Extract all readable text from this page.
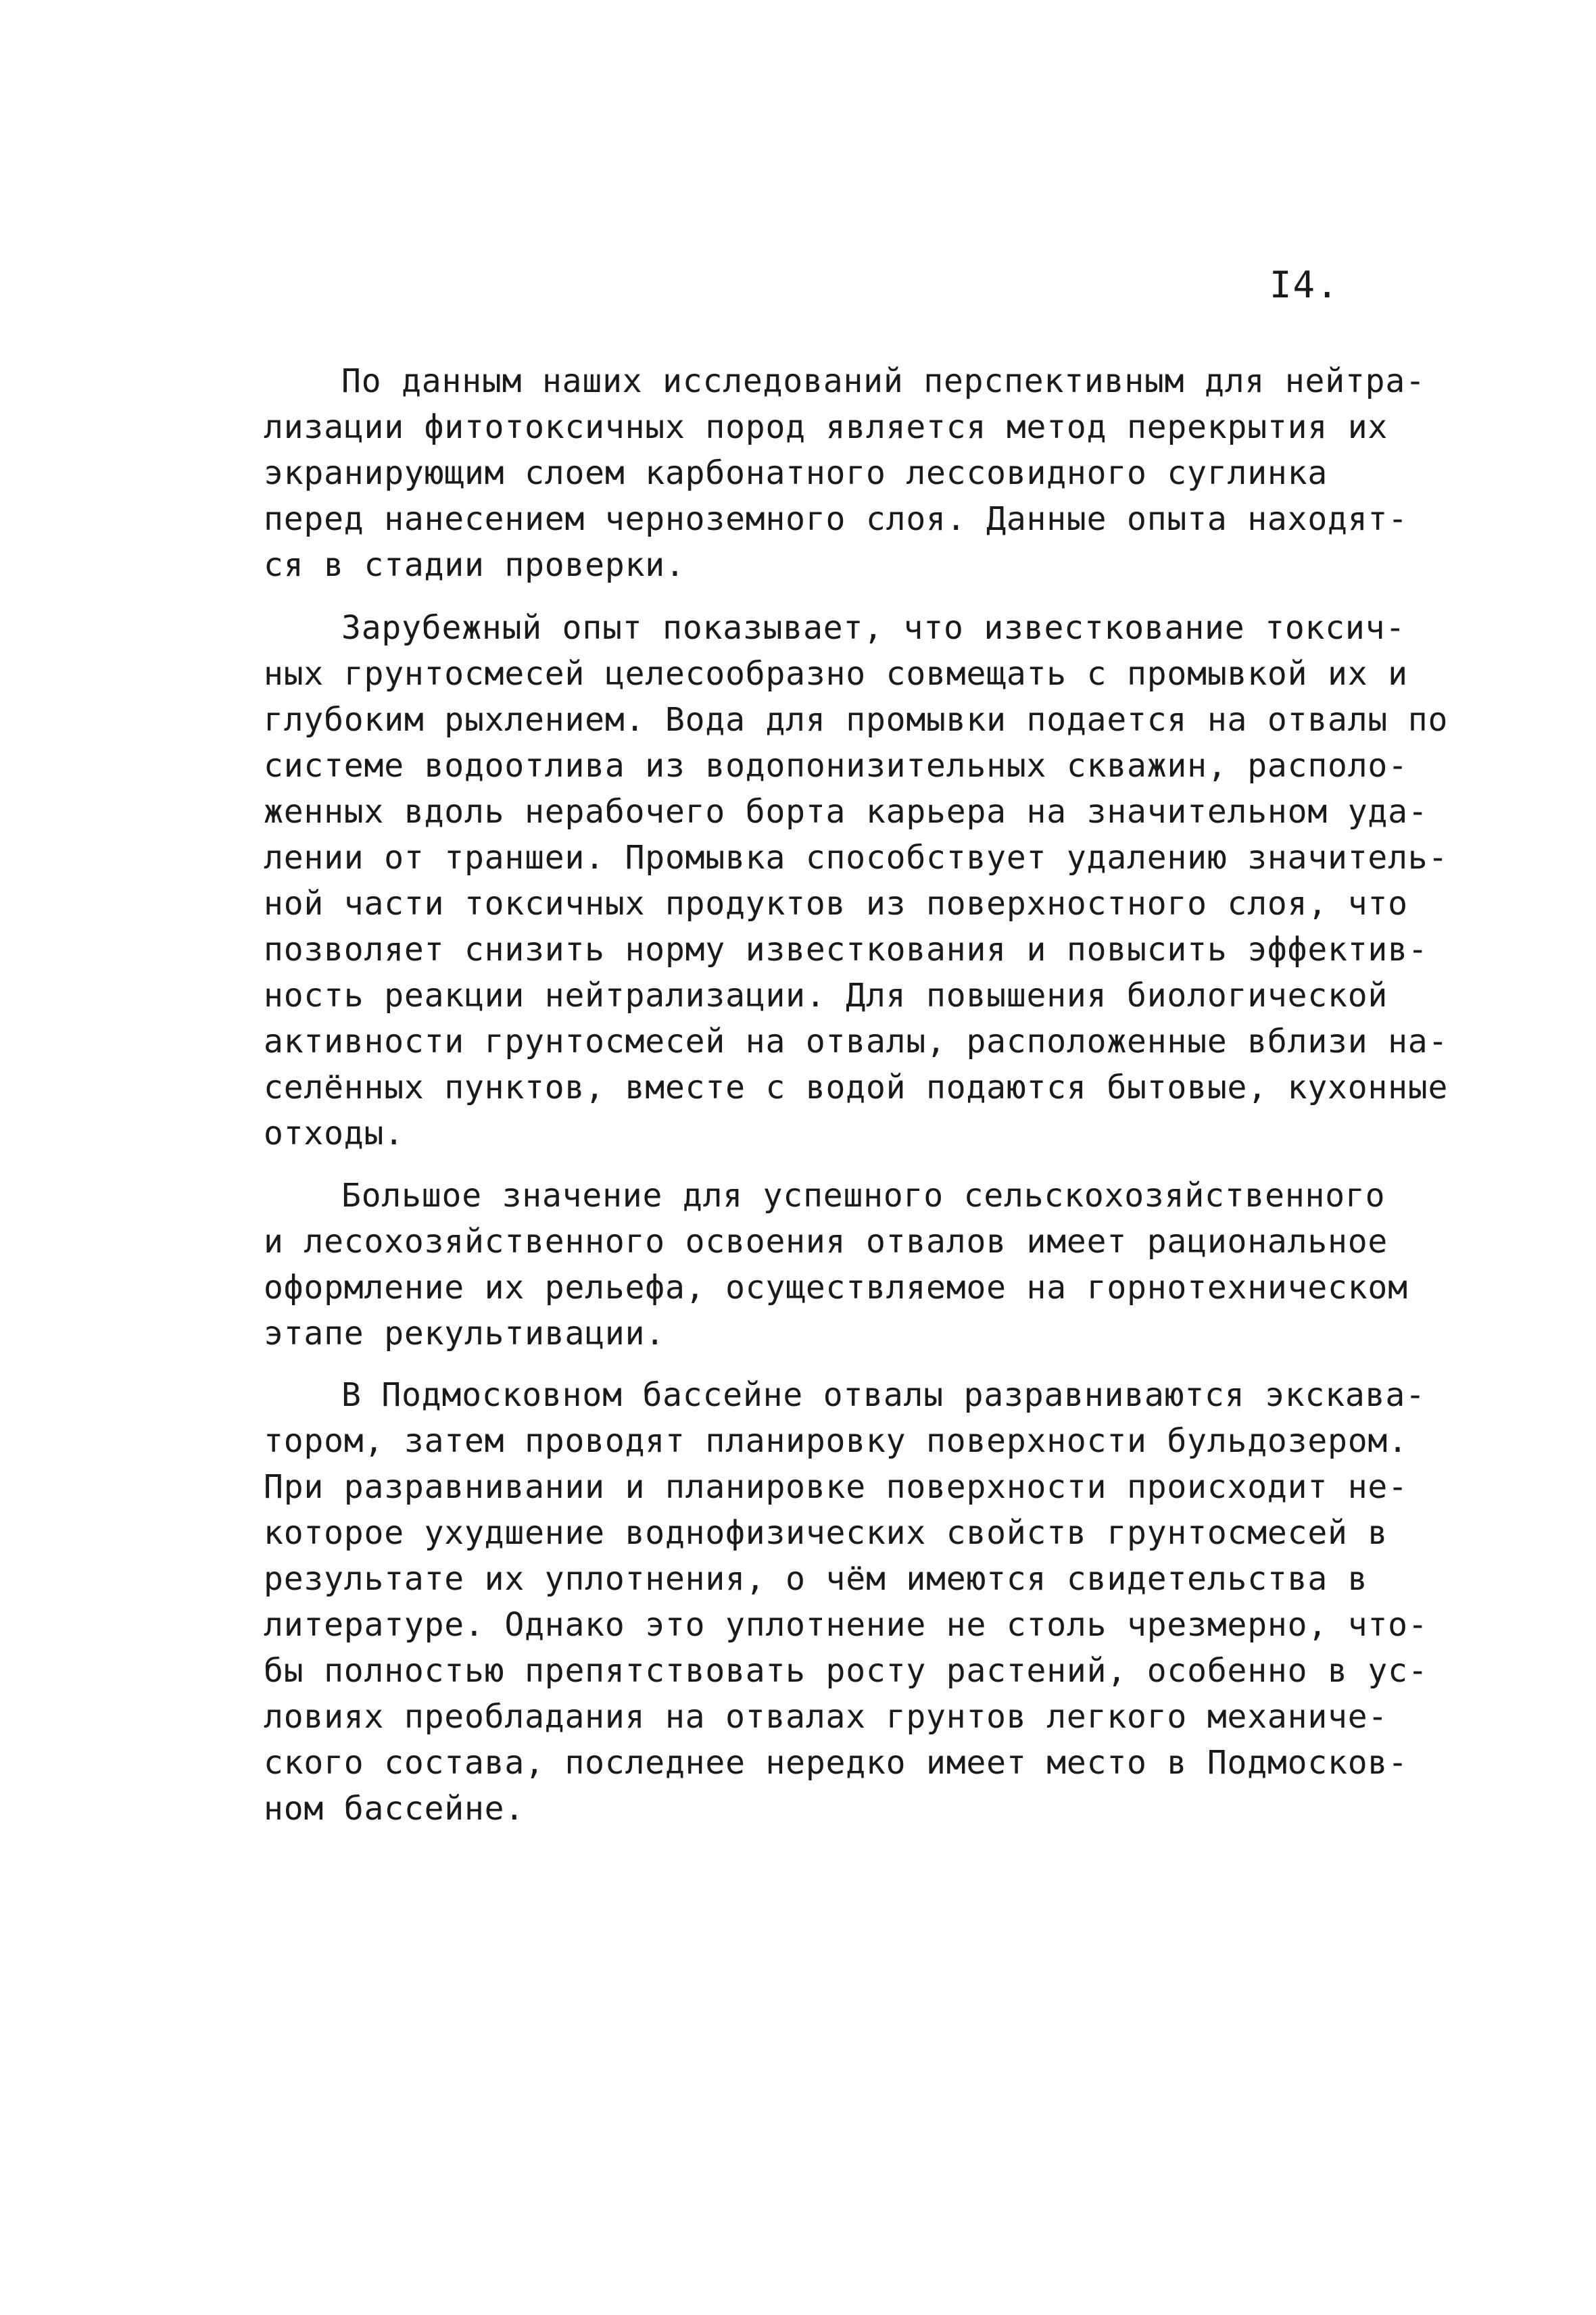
I4.
По данным наших исследований перспективным для нейтра-
лизации фитотоксичных пород является метод перекрытия их
экранирующим слоем карбонатного лессовидного суглинка
перед нанесением черноземного слоя. Данные опыта находят-
ся в стадии проверки.
Зарубежный опыт показывает, что известкование токсич-
ных грунтосмесей целесообразно совмещать с промывкой их и
глубоким рыхлением. Вода для промывки подается на отвалы по
системе водоотлива из водопонизительных скважин, располо-
женных вдоль нерабочего борта карьера на значительном уда-
лении от траншеи. Промывка способствует удалению значитель-
ной части токсичных продуктов из поверхностного слоя, что
позволяет снизить норму известкования и повысить эффектив-
ность реакции нейтрализации. Для повышения биологической
активности грунтосмесей на отвалы, расположенные вблизи на-
селённых пунктов, вместе с водой подаются бытовые, кухонные
отходы.
Большое значение для успешного сельскохозяйственного
и лесохозяйственного освоения отвалов имеет рациональное
оформление их рельефа, осуществляемое на горнотехническом
этапе рекультивации.
В Подмосковном бассейне отвалы разравниваются экскава-
тором, затем проводят планировку поверхности бульдозером.
При разравнивании и планировке поверхности происходит не-
которое ухудшение воднофизических свойств грунтосмесей в
результате их уплотнения, о чём имеются свидетельства в
литературе. Однако это уплотнение не столь чрезмерно, что-
бы полностью препятствовать росту растений, особенно в ус-
ловиях преобладания на отвалах грунтов легкого механиче-
ского состава, последнее нередко имеет место в Подмосков-
ном бассейне.
